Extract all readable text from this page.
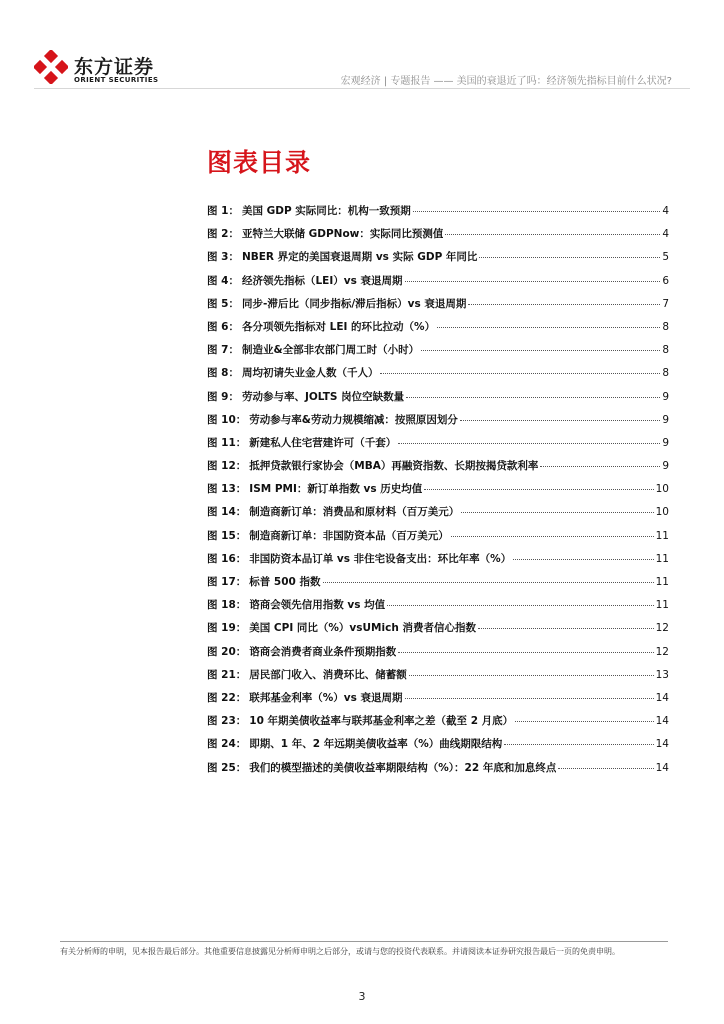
东方证券
ORIENT SECURITIES	宏观经济 | 专题报告 —— 美国的衰退近了吗：经济领先指标目前什么状况?
图表目录
图 1： 美国 GDP 实际同比：机构一致预期	4
图 2： 亚特兰大联储 GDPNow：实际同比预测值	4
图 3： NBER 界定的美国衰退周期 vs 实际 GDP 年同比	5
图 4： 经济领先指标（LEI）vs 衰退周期	6
图 5： 同步-滞后比（同步指标/滞后指标）vs 衰退周期	7
图 6： 各分项领先指标对 LEI 的环比拉动（%）	8
图 7： 制造业&全部非农部门周工时（小时）	8
图 8： 周均初请失业金人数（千人）	8
图 9： 劳动参与率、JOLTS 岗位空缺数量	9
图 10： 劳动参与率&劳动力规模缩减：按照原因划分	9
图 11： 新建私人住宅营建许可（千套）	9
图 12： 抵押贷款银行家协会（MBA）再融资指数、长期按揭贷款利率	9
图 13： ISM PMI：新订单指数 vs 历史均值	10
图 14： 制造商新订单：消费品和原材料（百万美元）	10
图 15： 制造商新订单：非国防资本品（百万美元）	11
图 16： 非国防资本品订单 vs 非住宅设备支出：环比年率（%）	11
图 17： 标普 500 指数	11
图 18： 谘商会领先信用指数 vs 均值	11
图 19： 美国 CPI 同比（%）vsUMich 消费者信心指数	12
图 20： 谘商会消费者商业条件预期指数	12
图 21： 居民部门收入、消费环比、储蓄额	13
图 22： 联邦基金利率（%）vs 衰退周期	14
图 23： 10 年期美债收益率与联邦基金利率之差（截至 2 月底）	14
图 24： 即期、1 年、2 年远期美债收益率（%）曲线期限结构	14
图 25： 我们的模型描述的美债收益率期限结构（%）：22 年底和加息终点	14
有关分析师的申明，见本报告最后部分。其他重要信息披露见分析师申明之后部分，或请与您的投资代表联系。并请阅读本证券研究报告最后一页的免责申明。
3
